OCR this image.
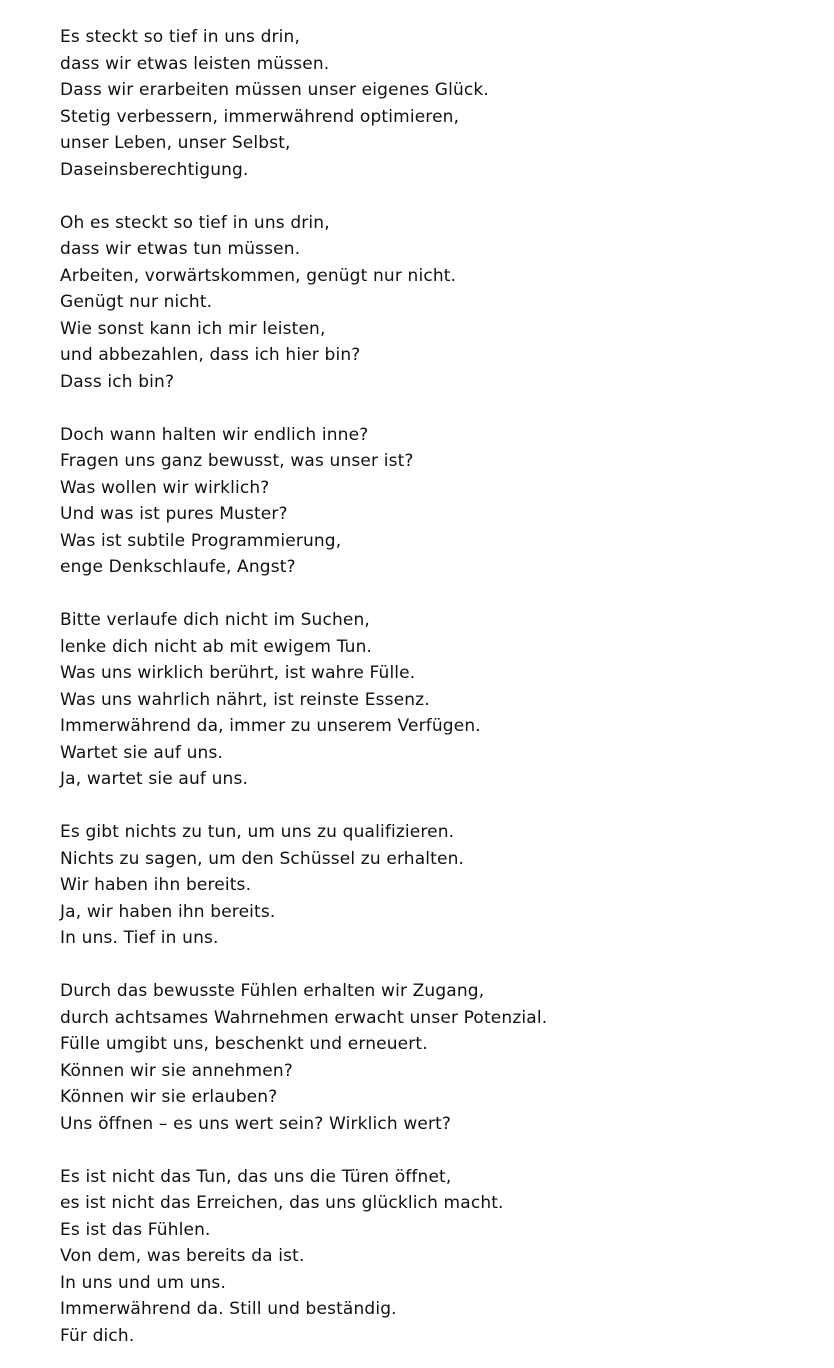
Es steckt so tief in uns drin,
dass wir etwas leisten müssen.
Dass wir erarbeiten müssen unser eigenes Glück.
Stetig verbessern, immerwährend optimieren,
unser Leben, unser Selbst,
Daseinsberechtigung.
Oh es steckt so tief in uns drin,
dass wir etwas tun müssen.
Arbeiten, vorwärtskommen, genügt nur nicht.
Genügt nur nicht.
Wie sonst kann ich mir leisten,
und abbezahlen, dass ich hier bin?
Dass ich bin?
Doch wann halten wir endlich inne?
Fragen uns ganz bewusst, was unser ist?
Was wollen wir wirklich?
Und was ist pures Muster?
Was ist subtile Programmierung,
enge Denkschlaufe, Angst?
Bitte verlaufe dich nicht im Suchen,
lenke dich nicht ab mit ewigem Tun.
Was uns wirklich berührt, ist wahre Fülle.
Was uns wahrlich nährt, ist reinste Essenz.
Immerwährend da, immer zu unserem Verfügen.
Wartet sie auf uns.
Ja, wartet sie auf uns.
Es gibt nichts zu tun, um uns zu qualifizieren.
Nichts zu sagen, um den Schüssel zu erhalten.
Wir haben ihn bereits.
Ja, wir haben ihn bereits.
In uns. Tief in uns.
Durch das bewusste Fühlen erhalten wir Zugang,
durch achtsames Wahrnehmen erwacht unser Potenzial.
Fülle umgibt uns, beschenkt und erneuert.
Können wir sie annehmen?
Können wir sie erlauben?
Uns öffnen – es uns wert sein? Wirklich wert?
Es ist nicht das Tun, das uns die Türen öffnet,
es ist nicht das Erreichen, das uns glücklich macht.
Es ist das Fühlen.
Von dem, was bereits da ist.
In uns und um uns.
Immerwährend da. Still und beständig.
Für dich.
